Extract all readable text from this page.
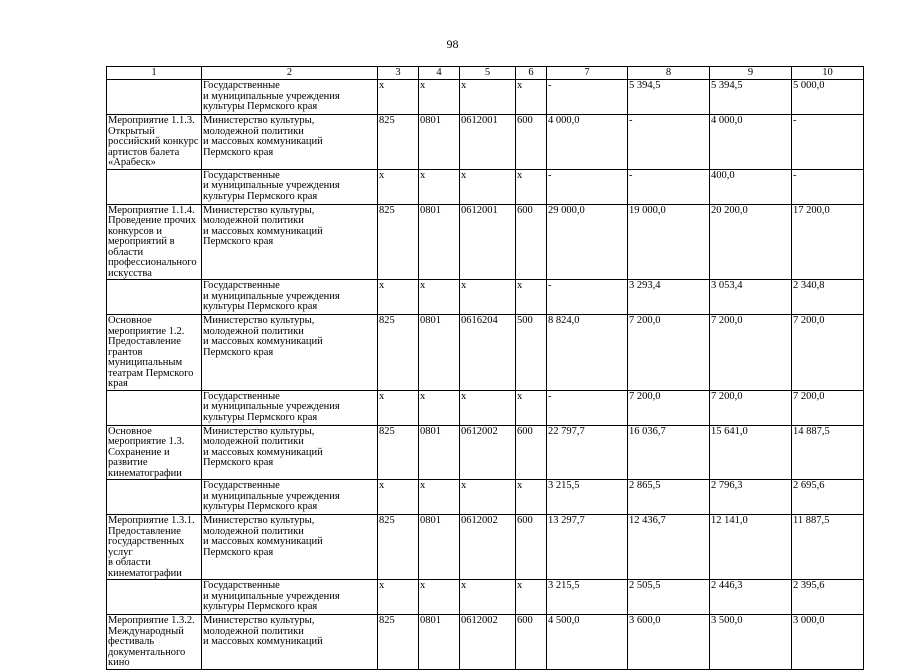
98
1	2	3	4	5	6	7	8	9	10

	Государственные
и муниципальные учреждения
культуры Пермского края	x	x	x	x	-	5 394,5	5 394,5	5 000,0

Мероприятие 1.1.3. Открытый российский конкурс артистов балета «Арабеск»	Министерство культуры,
молодежной политики
и массовых коммуникаций
Пермского края	825	0801	0612001	600	4 000,0	-	4 000,0	-

	Государственные
и муниципальные учреждения
культуры Пермского края	x	x	x	x	-	-	400,0	-

Мероприятие 1.1.4.
Проведение прочих конкурсов и мероприятий в области профессионального искусства	Министерство культуры,
молодежной политики
и массовых коммуникаций
Пермского края	825	0801	0612001	600	29 000,0	19 000,0	20 200,0	17 200,0

	Государственные
и муниципальные учреждения
культуры Пермского края	x	x	x	x	-	3 293,4	3 053,4	2 340,8

Основное мероприятие 1.2.
Предоставление грантов муниципальным театрам Пермского края	Министерство культуры,
молодежной политики
и массовых коммуникаций
Пермского края	825	0801	0616204	500	8 824,0	7 200,0	7 200,0	7 200,0

	Государственные
и муниципальные учреждения
культуры Пермского края	x	x	x	x	-	7 200,0	7 200,0	7 200,0

Основное мероприятие 1.3.
Сохранение и развитие кинематографии	Министерство культуры,
молодежной политики
и массовых коммуникаций
Пермского края	825	0801	0612002	600	22 797,7	16 036,7	15 641,0	14 887,5

	Государственные
и муниципальные учреждения
культуры Пермского края	x	x	x	x	3 215,5	2 865,5	2 796,3	2 695,6

Мероприятие 1.3.1.
Предоставление государственных услуг
в области кинематографии	Министерство культуры,
молодежной политики
и массовых коммуникаций
Пермского края	825	0801	0612002	600	13 297,7	12 436,7	12 141,0	11 887,5

	Государственные
и муниципальные учреждения
культуры Пермского края	x	x	x	x	3 215,5	2 505,5	2 446,3	2 395,6

Мероприятие 1.3.2.
Международный фестиваль документального кино	Министерство культуры,
молодежной политики
и массовых коммуникаций	825	0801	0612002	600	4 500,0	3 600,0	3 500,0	3 000,0
